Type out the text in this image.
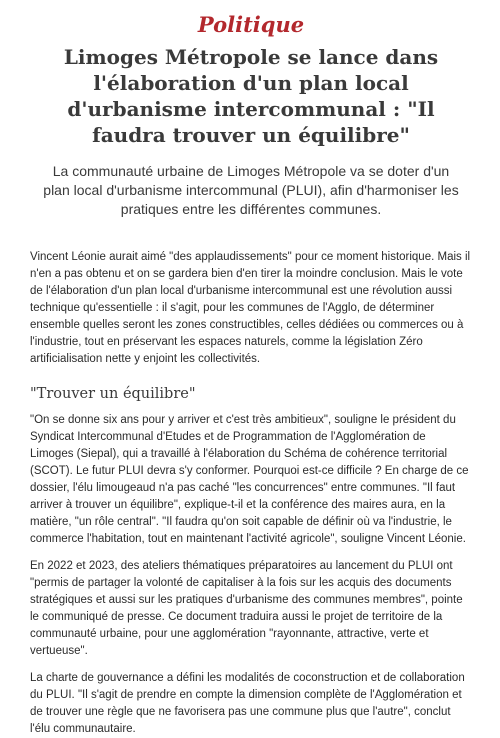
Politique
Limoges Métropole se lance dans l'élaboration d'un plan local d'urbanisme intercommunal : "Il faudra trouver un équilibre"

La communauté urbaine de Limoges Métropole va se doter d'un plan local d'urbanisme intercommunal (PLUI), afin d'harmoniser les pratiques entre les différentes communes.

Vincent Léonie aurait aimé "des applaudissements" pour ce moment historique. Mais il n'en a pas obtenu et on se gardera bien d'en tirer la moindre conclusion. Mais le vote de l'élaboration d'un plan local d'urbanisme intercommunal est une révolution aussi technique qu'essentielle : il s'agit, pour les communes de l'Agglo, de déterminer ensemble quelles seront les zones constructibles, celles dédiées ou commerces ou à l'industrie, tout en préservant les espaces naturels, comme la législation Zéro artificialisation nette y enjoint les collectivités.

"Trouver un équilibre"

"On se donne six ans pour y arriver et c'est très ambitieux", souligne le président du Syndicat Intercommunal d'Etudes et de Programmation de l'Agglomération de Limoges (Siepal), qui a travaillé à l'élaboration du Schéma de cohérence territorial (SCOT). Le futur PLUI devra s'y conformer. Pourquoi est-ce difficile ? En charge de ce dossier, l'élu limougeaud n'a pas caché "les concurrences" entre communes. "Il faut arriver à trouver un équilibre", explique-t-il et la conférence des maires aura, en la matière, "un rôle central". "Il faudra qu'on soit capable de définir où va l'industrie, le commerce l'habitation, tout en maintenant l'activité agricole", souligne Vincent Léonie.

En 2022 et 2023, des ateliers thématiques préparatoires au lancement du PLUI ont "permis de partager la volonté de capitaliser à la fois sur les acquis des documents stratégiques et aussi sur les pratiques d'urbanisme des communes membres", pointe le communiqué de presse. Ce document traduira aussi le projet de territoire de la communauté urbaine, pour une agglomération "rayonnante, attractive, verte et vertueuse".

La charte de gouvernance a défini les modalités de coconstruction et de collaboration du PLUI. "Il s'agit de prendre en compte la dimension complète de l'Agglomération et de trouver une règle que ne favorisera pas une commune plus que l'autre", conclut l'élu communautaire.
